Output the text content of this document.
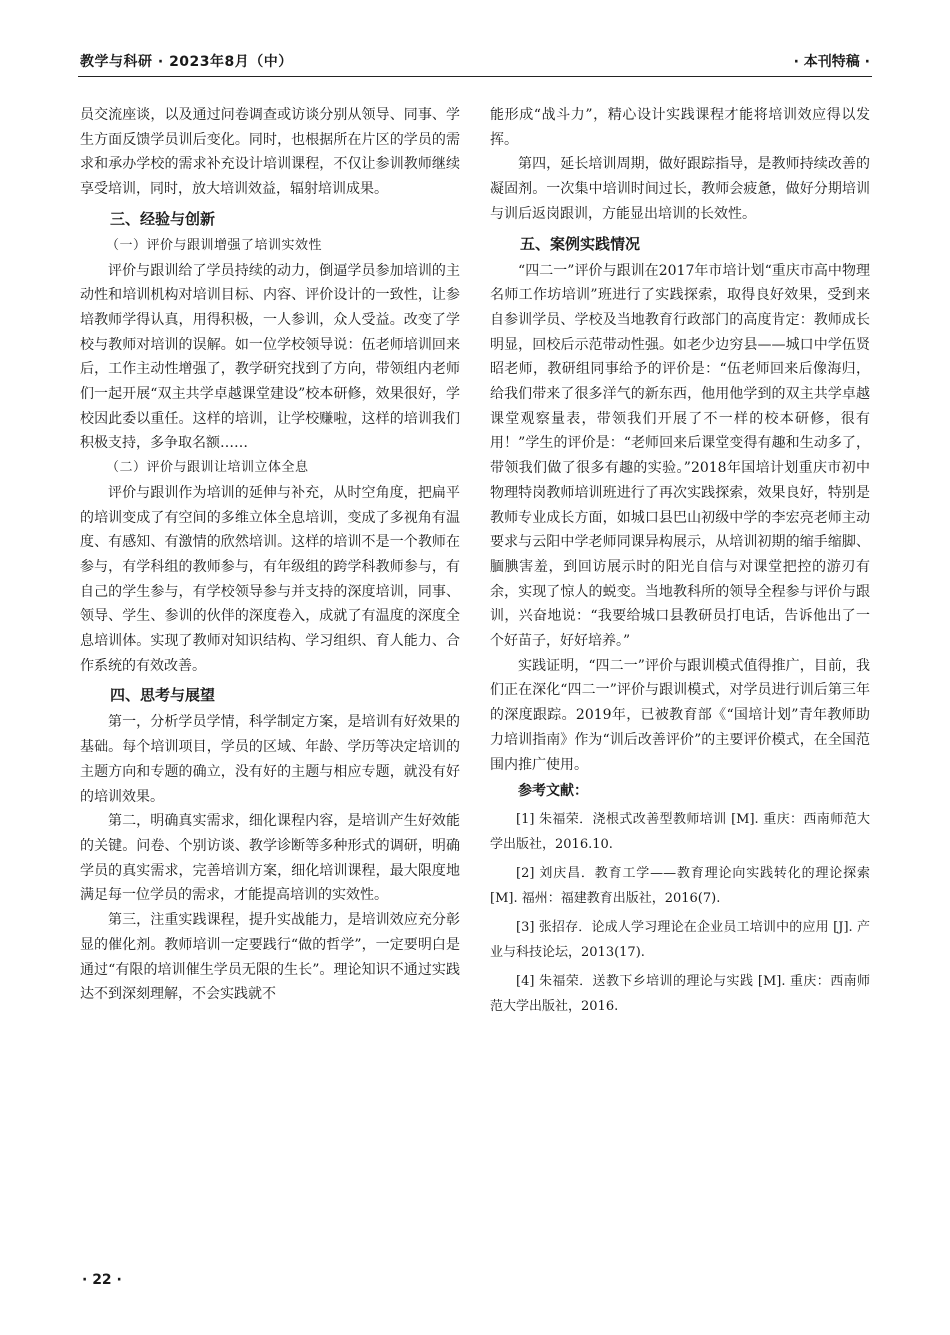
教学与科研 · 2023年8月（中）	· 本刊特稿 ·

员交流座谈，以及通过问卷调查或访谈分别从领导、同事、学生方面反馈学员训后变化。同时，也根据所在片区的学员的需求和承办学校的需求补充设计培训课程，不仅让参训教师继续享受培训，同时，放大培训效益，辐射培训成果。

三、经验与创新
（一）评价与跟训增强了培训实效性

评价与跟训给了学员持续的动力，倒逼学员参加培训的主动性和培训机构对培训目标、内容、评价设计的一致性，让参培教师学得认真，用得积极，一人参训，众人受益。改变了学校与教师对培训的误解。如一位学校领导说：伍老师培训回来后，工作主动性增强了，教学研究找到了方向，带领组内老师们一起开展“双主共学卓越课堂建设”校本研修，效果很好，学校因此委以重任。这样的培训，让学校赚啦，这样的培训我们积极支持，多争取名额……

（二）评价与跟训让培训立体全息

评价与跟训作为培训的延伸与补充，从时空角度，把扁平的培训变成了有空间的多维立体全息培训，变成了多视角有温度、有感知、有激情的欣然培训。这样的培训不是一个教师在参与，有学科组的教师参与，有年级组的跨学科教师参与，有自己的学生参与，有学校领导参与并支持的深度培训，同事、领导、学生、参训的伙伴的深度卷入，成就了有温度的深度全息培训体。实现了教师对知识结构、学习组织、育人能力、合作系统的有效改善。

四、思考与展望

第一，分析学员学情，科学制定方案，是培训有好效果的基础。每个培训项目，学员的区域、年龄、学历等决定培训的主题方向和专题的确立，没有好的主题与相应专题，就没有好的培训效果。

第二，明确真实需求，细化课程内容，是培训产生好效能的关键。问卷、个别访谈、教学诊断等多种形式的调研，明确学员的真实需求，完善培训方案，细化培训课程，最大限度地满足每一位学员的需求，才能提高培训的实效性。

第三，注重实践课程，提升实战能力，是培训效应充分彰显的催化剂。教师培训一定要践行“做的哲学”，一定要明白是通过“有限的培训催生学员无限的生长”。理论知识不通过实践达不到深刻理解，不会实践就不

能形成“战斗力”，精心设计实践课程才能将培训效应得以发挥。

第四，延长培训周期，做好跟踪指导，是教师持续改善的凝固剂。一次集中培训时间过长，教师会疲惫，做好分期培训与训后返岗跟训，方能显出培训的长效性。

五、案例实践情况

“四二一”评价与跟训在2017年市培计划“重庆市高中物理名师工作坊培训”班进行了实践探索，取得良好效果，受到来自参训学员、学校及当地教育行政部门的高度肯定：教师成长明显，回校后示范带动性强。如老少边穷县——城口中学伍贤昭老师，教研组同事给予的评价是：“伍老师回来后像海归，给我们带来了很多洋气的新东西，他用他学到的双主共学卓越课堂观察量表，带领我们开展了不一样的校本研修，很有用！”学生的评价是：“老师回来后课堂变得有趣和生动多了，带领我们做了很多有趣的实验。”2018年国培计划重庆市初中物理特岗教师培训班进行了再次实践探索，效果良好，特别是教师专业成长方面，如城口县巴山初级中学的李宏亮老师主动要求与云阳中学老师同课异构展示，从培训初期的缩手缩脚、腼腆害羞，到回访展示时的阳光自信与对课堂把控的游刃有余，实现了惊人的蜕变。当地教科所的领导全程参与评价与跟训，兴奋地说：“我要给城口县教研员打电话，告诉他出了一个好苗子，好好培养。”

实践证明，“四二一”评价与跟训模式值得推广，目前，我们正在深化“四二一”评价与跟训模式，对学员进行训后第三年的深度跟踪。2019年，已被教育部《“国培计划”青年教师助力培训指南》作为“训后改善评价”的主要评价模式，在全国范围内推广使用。

参考文献：

[1] 朱福荣．浇根式改善型教师培训 [M]. 重庆：西南师范大学出版社，2016.10.

[2] 刘庆昌．教育工学——教育理论向实践转化的理论探索 [M]. 福州：福建教育出版社，2016(7).

[3] 张招存．论成人学习理论在企业员工培训中的应用 [J]. 产业与科技论坛，2013(17).

[4] 朱福荣．送教下乡培训的理论与实践 [M]. 重庆：西南师范大学出版社，2016.

· 22 ·
